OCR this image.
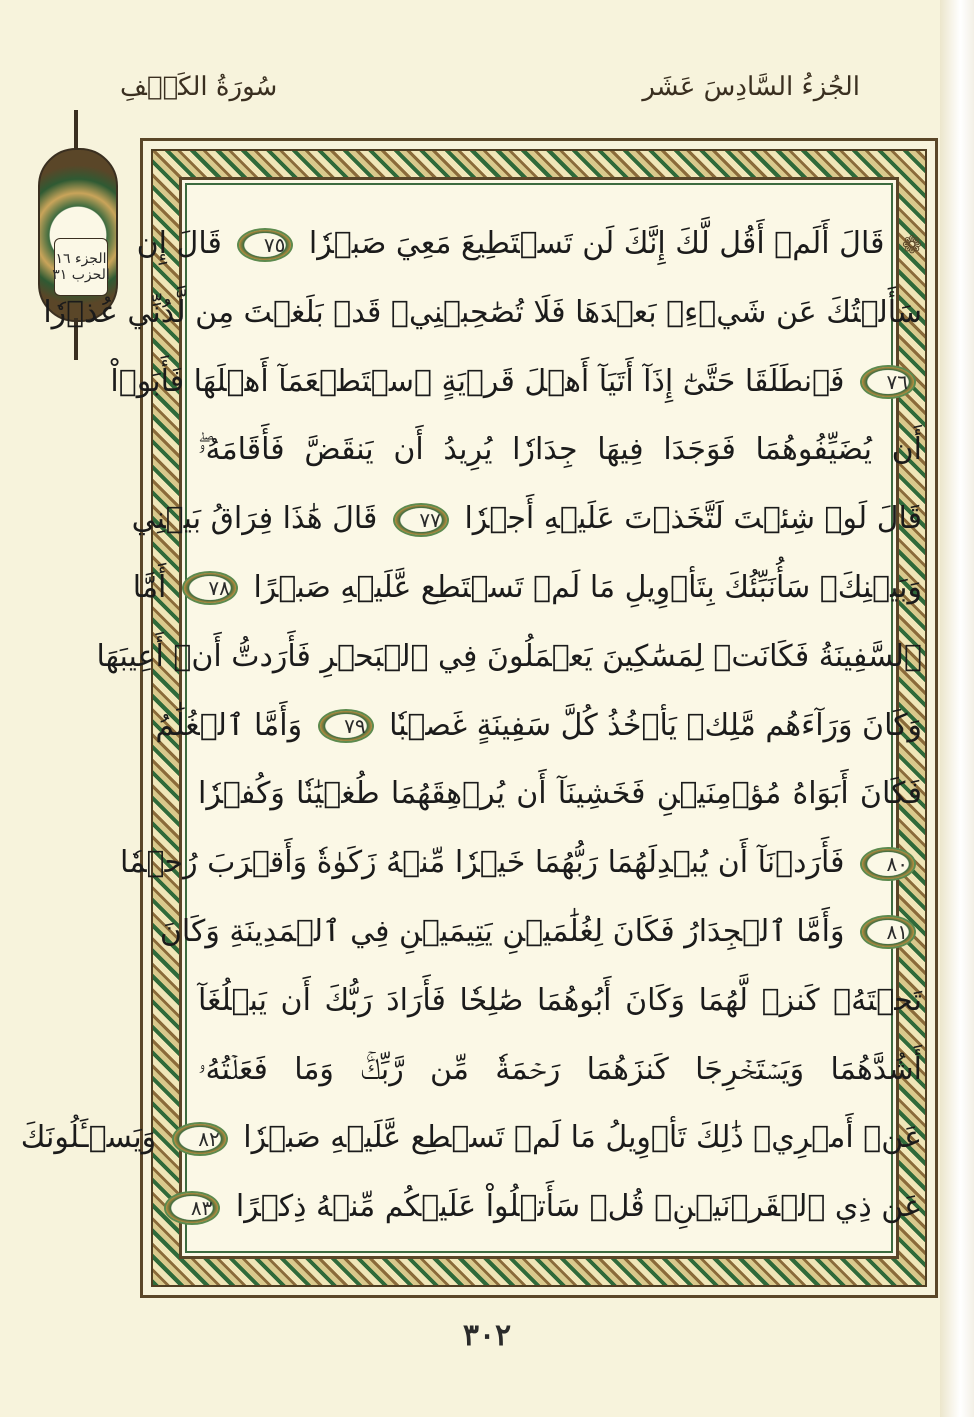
الجُزءُ السَّادِسَ عَشَر
سُورَةُ الكَهۡفِ
الجزء ١٦
الحزب ٣١
❁ قَالَ أَلَمۡ أَقُل لَّكَ إِنَّكَ لَن تَسۡتَطِيعَ مَعِيَ صَبۡرٗا ٧٥ قَالَ إِن
سَأَلۡتُكَ عَن شَيۡءِۭ بَعۡدَهَا فَلَا تُصَٰحِبۡنِيۖ قَدۡ بَلَغۡتَ مِن لَّدُنِّي عُذۡرٗا
٧٦ فَٱنطَلَقَا حَتَّىٰٓ إِذَآ أَتَيَآ أَهۡلَ قَرۡيَةٍ ٱسۡتَطۡعَمَآ أَهۡلَهَا فَأَبَوۡاْ
أَن يُضَيِّفُوهُمَا فَوَجَدَا فِيهَا جِدَارٗا يُرِيدُ أَن يَنقَضَّ فَأَقَامَهُۥۖ
قَالَ لَوۡ شِئۡتَ لَتَّخَذۡتَ عَلَيۡهِ أَجۡرٗا ٧٧ قَالَ هَٰذَا فِرَاقُ بَيۡنِي
وَبَيۡنِكَۚ سَأُنَبِّئُكَ بِتَأۡوِيلِ مَا لَمۡ تَسۡتَطِع عَّلَيۡهِ صَبۡرًا ٧٨ أَمَّا
ٱلسَّفِينَةُ فَكَانَتۡ لِمَسَٰكِينَ يَعۡمَلُونَ فِي ٱلۡبَحۡرِ فَأَرَدتُّ أَنۡ أَعِيبَهَا
وَكَانَ وَرَآءَهُم مَّلِكٞ يَأۡخُذُ كُلَّ سَفِينَةٍ غَصۡبٗا ٧٩ وَأَمَّا ٱلۡغُلَٰمُ
فَكَانَ أَبَوَاهُ مُؤۡمِنَيۡنِ فَخَشِينَآ أَن يُرۡهِقَهُمَا طُغۡيَٰنٗا وَكُفۡرٗا
٨٠ فَأَرَدۡنَآ أَن يُبۡدِلَهُمَا رَبُّهُمَا خَيۡرٗا مِّنۡهُ زَكَوٰةٗ وَأَقۡرَبَ رُحۡمٗا
٨١ وَأَمَّا ٱلۡجِدَارُ فَكَانَ لِغُلَٰمَيۡنِ يَتِيمَيۡنِ فِي ٱلۡمَدِينَةِ وَكَانَ
تَحۡتَهُۥ كَنزٞ لَّهُمَا وَكَانَ أَبُوهُمَا صَٰلِحٗا فَأَرَادَ رَبُّكَ أَن يَبۡلُغَآ
أَشُدَّهُمَا وَيَسۡتَخۡرِجَا كَنزَهُمَا رَحۡمَةٗ مِّن رَّبِّكَۚ وَمَا فَعَلۡتُهُۥ
عَنۡ أَمۡرِيۚ ذَٰلِكَ تَأۡوِيلُ مَا لَمۡ تَسۡطِع عَّلَيۡهِ صَبۡرٗا ٨٢ وَيَسۡـَٔلُونَكَ
عَن ذِي ٱلۡقَرۡنَيۡنِۖ قُلۡ سَأَتۡلُواْ عَلَيۡكُم مِّنۡهُ ذِكۡرًا ٨٣
٣٠٢
